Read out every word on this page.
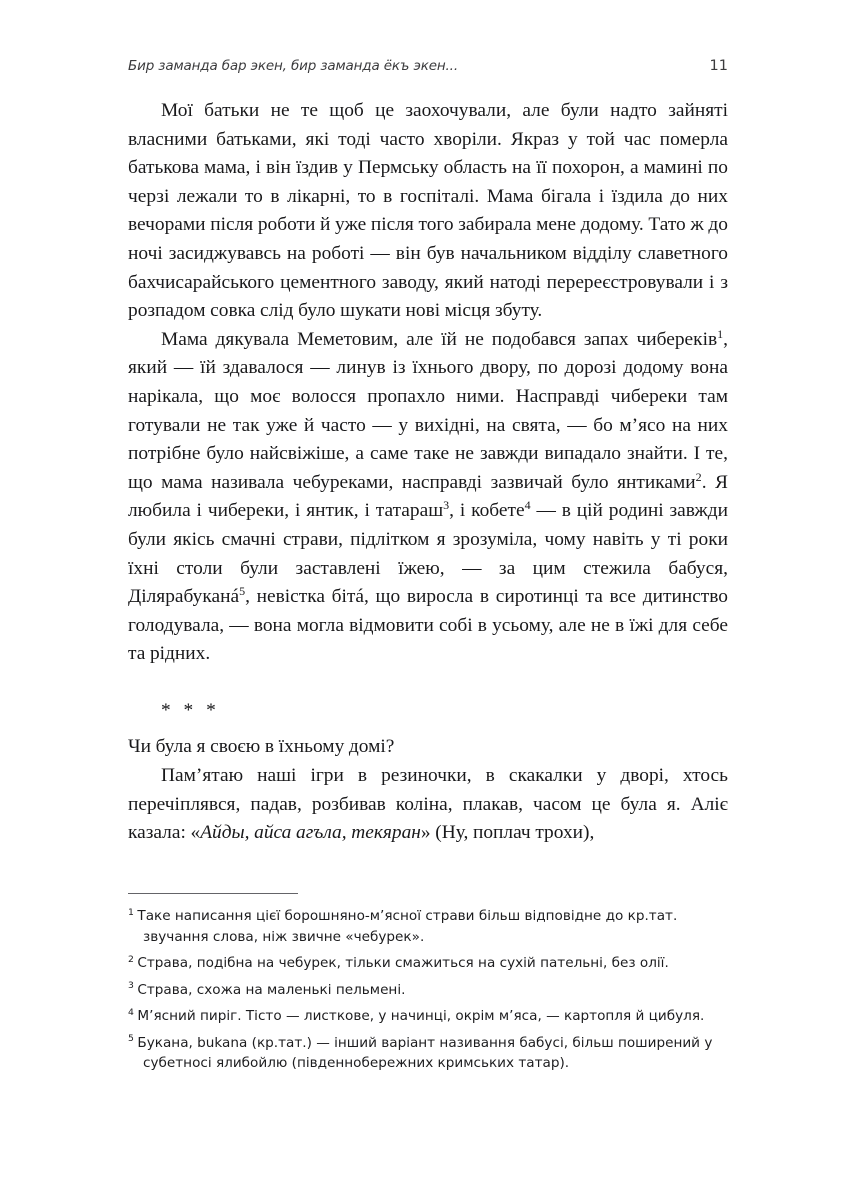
Бир заманда бар экен, бир заманда ёкъ экен...	11

Мої батьки не те щоб це заохочували, але були надто зайняті власними батьками, які тоді часто хворіли. Якраз у той час померла батькова мама, і він їздив у Пермську область на її похорон, а мамині по черзі лежали то в лікарні, то в госпіталі. Мама бігала і їздила до них вечорами після роботи й уже після того забирала мене додому. Тато ж до ночі засиджувавсь на роботі — він був начальником відділу славетного бахчисарайського цементного заводу, який натоді перереєстровували і з розпадом совка слід було шукати нові місця збуту.

Мама дякувала Меметовим, але їй не подобався запах чибереків$^1$, який — їй здавалося — линув із їхнього двору, по дорозі додому вона нарікала, що моє волосся пропахло ними. Насправді чибереки там готували не так уже й часто — у вихідні, на свята, — бо м’ясо на них потрібне було найсвіжіше, а саме таке не завжди випадало знайти. І те, що мама називала чебуреками, насправді зазвичай було янтиками$^2$. Я любила і чибереки, і янтик, і татараш$^3$, і кобете$^4$ — в цій родині завжди були якісь смачні страви, підлітком я зрозуміла, чому навіть у ті роки їхні столи були заставлені їжею, — за цим стежила бабуся, Ділярабуканá$^5$, невістка бітá, що виросла в сиротинці та все дитинство голодувала, — вона могла відмовити собі в усьому, але не в їжі для себе та рідних.

* * *

Чи була я своєю в їхньому домі?

Пам’ятаю наші ігри в резиночки, в скакалки у дворі, хтось перечіплявся, падав, розбивав коліна, плакав, часом це була я. Аліє казала: «Айды, айса агъла, текяран» (Ну, поплач трохи),

$^1$ Таке написання цієї борошняно-м’ясної страви більш відповідне до кр.тат. звучання слова, ніж звичне «чебурек».

$^2$ Страва, подібна на чебурек, тільки смажиться на сухій пательні, без олії.

$^3$ Страва, схожа на маленькі пельмені.

$^4$ М’ясний пиріг. Тісто — листкове, у начинці, окрім м’яса, — картопля й цибуля.

$^5$ Букана, bukana (кр.тат.) — інший варіант називання бабусі, більш поширений у субетносі ялибойлю (південнобережних кримських татар).
